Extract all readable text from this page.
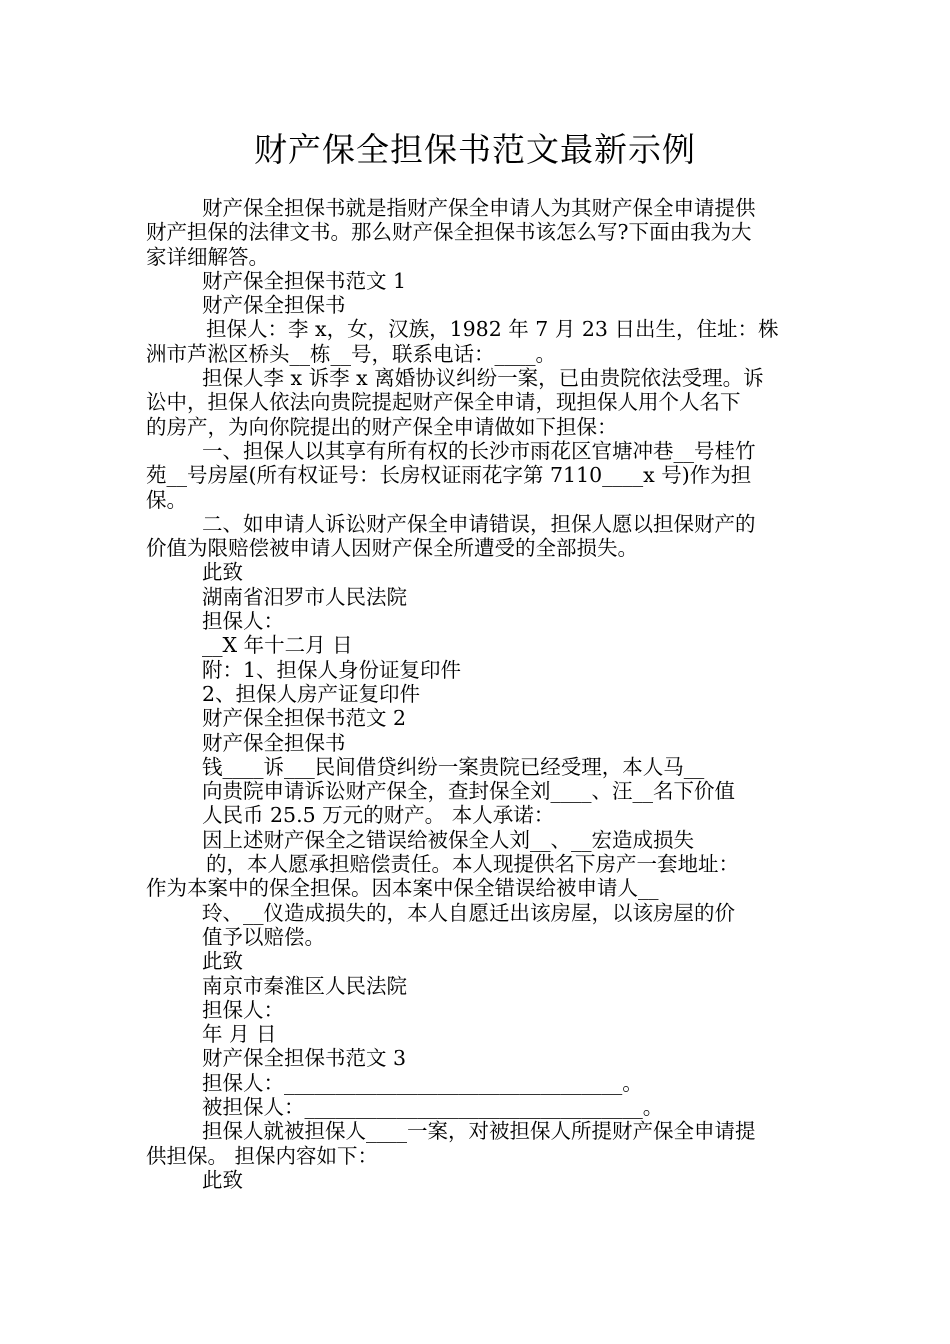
财产保全担保书范文最新示例

财产保全担保书就是指财产保全申请人为其财产保全申请提供

财产担保的法律文书。那么财产保全担保书该怎么写?下面由我为大

家详细解答。

财产保全担保书范文 1

财产保全担保书

担保人：李 x，女，汉族，1982 年 7 月 23 日出生，住址：株

洲市芦淞区桥头__栋__号，联系电话：____。

担保人李 x 诉李 x 离婚协议纠纷一案，已由贵院依法受理。诉

讼中，担保人依法向贵院提起财产保全申请，现担保人用个人名下

的房产，为向你院提出的财产保全申请做如下担保：

一、担保人以其享有所有权的长沙市雨花区官塘冲巷__号桂竹

苑__号房屋(所有权证号：长房权证雨花字第 7110____x 号)作为担

保。

二、如申请人诉讼财产保全申请错误，担保人愿以担保财产的

价值为限赔偿被申请人因财产保全所遭受的全部损失。

此致

湖南省汨罗市人民法院

担保人：

__X 年十二月 日

附：1、担保人身份证复印件

2、担保人房产证复印件

财产保全担保书范文 2

财产保全担保书

钱____诉___民间借贷纠纷一案贵院已经受理，本人马__

向贵院申请诉讼财产保全，查封保全刘____、汪__名下价值

人民币 25.5 万元的财产。 本人承诺：

因上述财产保全之错误给被保全人刘__、__宏造成损失

的，本人愿承担赔偿责任。本人现提供名下房产一套地址：

作为本案中的保全担保。因本案中保全错误给被申请人__

玲、__仪造成损失的，本人自愿迁出该房屋，以该房屋的价

值予以赔偿。

此致

南京市秦淮区人民法院

担保人：

年 月 日

财产保全担保书范文 3

担保人：_________________________________。

被担保人：_________________________________。

担保人就被担保人____一案，对被担保人所提财产保全申请提

供担保。 担保内容如下：

此致
